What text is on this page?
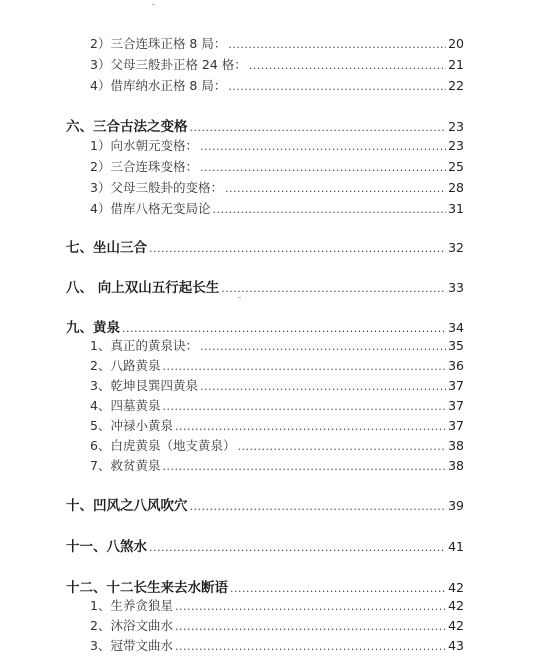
2）三合连珠正格 8 局： .....	20
3）父母三般卦正格 24 格： .....	21
4）借库纳水正格 8 局： .....	22
六、三合古法之变格 .....	23
1）向水朝元变格： .....	23
2）三合连珠变格： .....	25
3）父母三般卦的变格： .....	28
4）借库八格无变局论 .....	31
七、坐山三合 .....	32
八、 向上双山五行起长生 .....	33
九、黄泉 .....	34
1、真正的黄泉诀： .....	35
2、八路黄泉 .....	36
3、乾坤艮巽四黄泉 .....	37
4、四墓黄泉 .....	37
5、冲禄小黄泉 .....	37
6、白虎黄泉（地支黄泉） .....	38
7、救贫黄泉 .....	38
十、凹风之八风吹穴 .....	39
十一、八煞水 .....	41
十二、十二长生来去水断语 .....	42
1、生养贪狼星 .....	42
2、沐浴文曲水 .....	42
3、冠带文曲水 .....	43
